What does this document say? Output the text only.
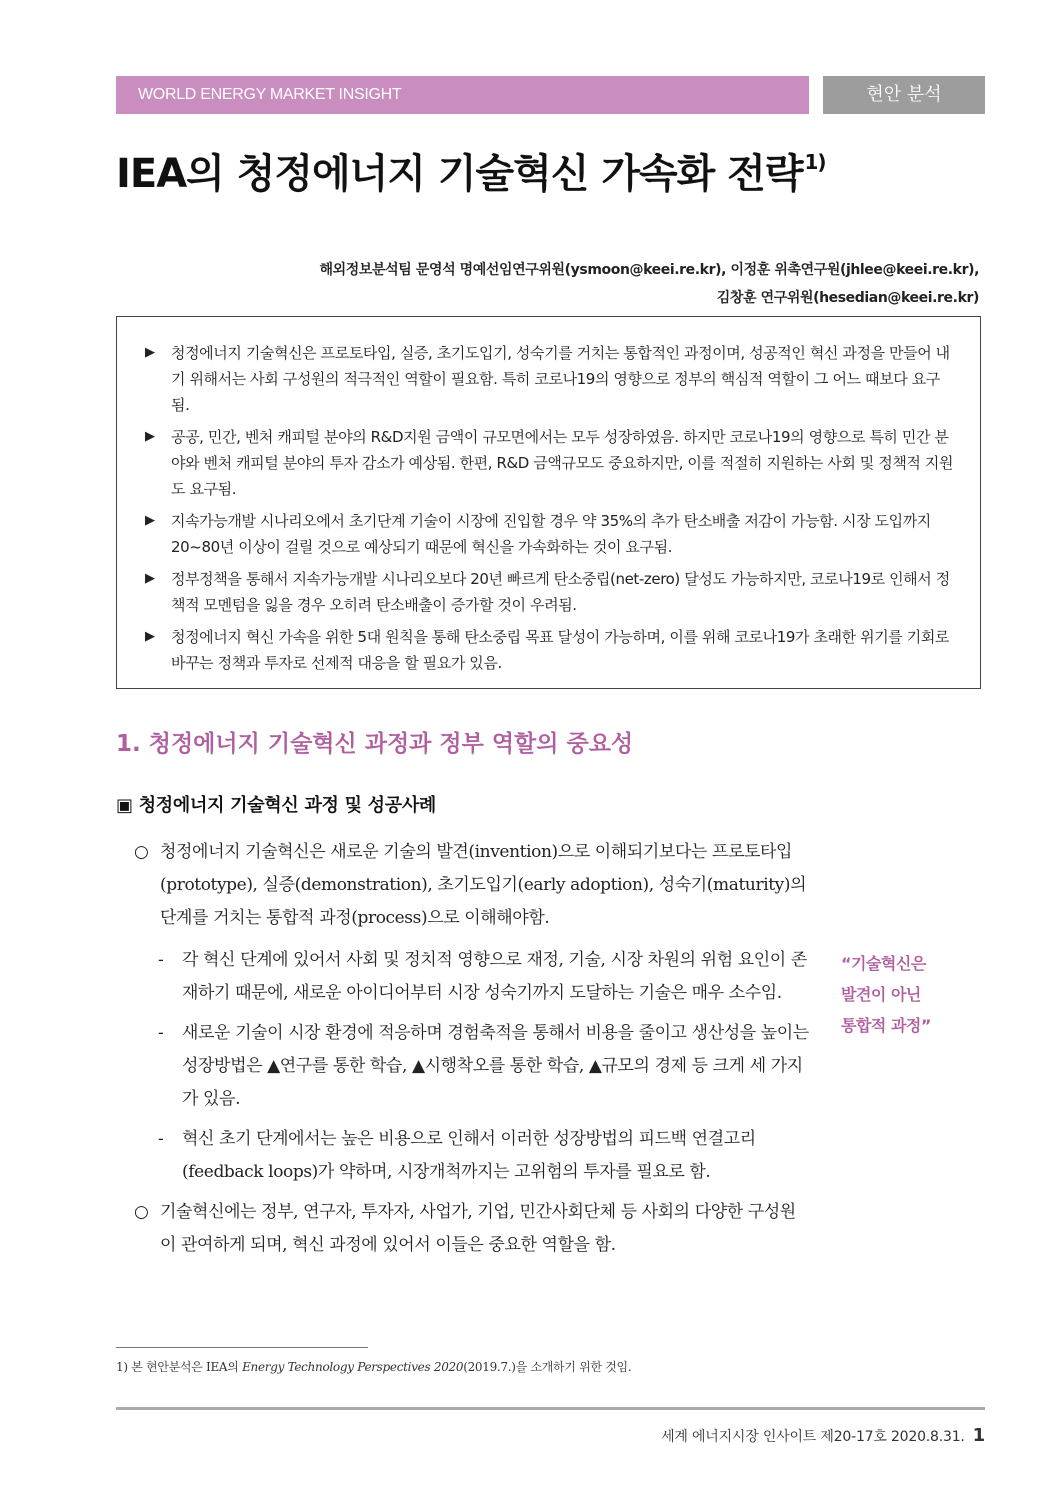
WORLD ENERGY MARKET INSIGHT	현안 분석
IEA의 청정에너지 기술혁신 가속화 전략 $^{1)}$
해외정보분석팀 문영석 명예선임연구위원(ysmoon@keei.re.kr), 이정훈 위촉연구원(jhlee@keei.re.kr),
김창훈 연구위원(hesedian@keei.re.kr)
▶	청정에너지 기술혁신은 프로토타입, 실증, 초기도입기, 성숙기를 거치는 통합적인 과정이며, 성공적인 혁신 과정을 만들어 내기 위해서는 사회 구성원의 적극적인 역할이 필요함. 특히 코로나19의 영향으로 정부의 핵심적 역할이 그 어느 때보다 요구됨.
▶	공공, 민간, 벤처 캐피털 분야의 R&D지원 금액이 규모면에서는 모두 성장하였음. 하지만 코로나19의 영향으로 특히 민간 분야와 벤처 캐피털 분야의 투자 감소가 예상됨. 한편, R&D 금액규모도 중요하지만, 이를 적절히 지원하는 사회 및 정책적 지원도 요구됨.
▶	지속가능개발 시나리오에서 초기단계 기술이 시장에 진입할 경우 약 35%의 추가 탄소배출 저감이 가능함. 시장 도입까지 20~80년 이상이 걸릴 것으로 예상되기 때문에 혁신을 가속화하는 것이 요구됨.
▶	정부정책을 통해서 지속가능개발 시나리오보다 20년 빠르게 탄소중립(net-zero) 달성도 가능하지만, 코로나19로 인해서 정책적 모멘텀을 잃을 경우 오히려 탄소배출이 증가할 것이 우려됨.
▶	청정에너지 혁신 가속을 위한 5대 원칙을 통해 탄소중립 목표 달성이 가능하며, 이를 위해 코로나19가 초래한 위기를 기회로 바꾸는 정책과 투자로 선제적 대응을 할 필요가 있음.
1. 청정에너지 기술혁신 과정과 정부 역할의 중요성
▣ 청정에너지 기술혁신 과정 및 성공사례
○ 청정에너지 기술혁신은 새로운 기술의 발견(invention)으로 이해되기보다는 프로토타입(prototype), 실증(demonstration), 초기도입기(early adoption), 성숙기(maturity)의 단계를 거치는 통합적 과정(process)으로 이해해야함.
-	각 혁신 단계에 있어서 사회 및 정치적 영향으로 재정, 기술, 시장 차원의 위험 요인이 존재하기 때문에, 새로운 아이디어부터 시장 성숙기까지 도달하는 기술은 매우 소수임.
-	새로운 기술이 시장 환경에 적응하며 경험축적을 통해서 비용을 줄이고 생산성을 높이는 성장방법은 ▲연구를 통한 학습, ▲시행착오를 통한 학습, ▲규모의 경제 등 크게 세 가지가 있음.
-	혁신 초기 단계에서는 높은 비용으로 인해서 이러한 성장방법의 피드백 연결고리(feedback loops)가 약하며, 시장개척까지는 고위험의 투자를 필요로 함.
○ 기술혁신에는 정부, 연구자, 투자자, 사업가, 기업, 민간사회단체 등 사회의 다양한 구성원이 관여하게 되며, 혁신 과정에 있어서 이들은 중요한 역할을 함.
“기술혁신은
발견이 아닌
통합적 과정”
1) 본 현안분석은 IEA의 Energy Technology Perspectives 2020(2019.7.)을 소개하기 위한 것임.
세계 에너지시장 인사이트 제20-17호 2020.8.31. 1
